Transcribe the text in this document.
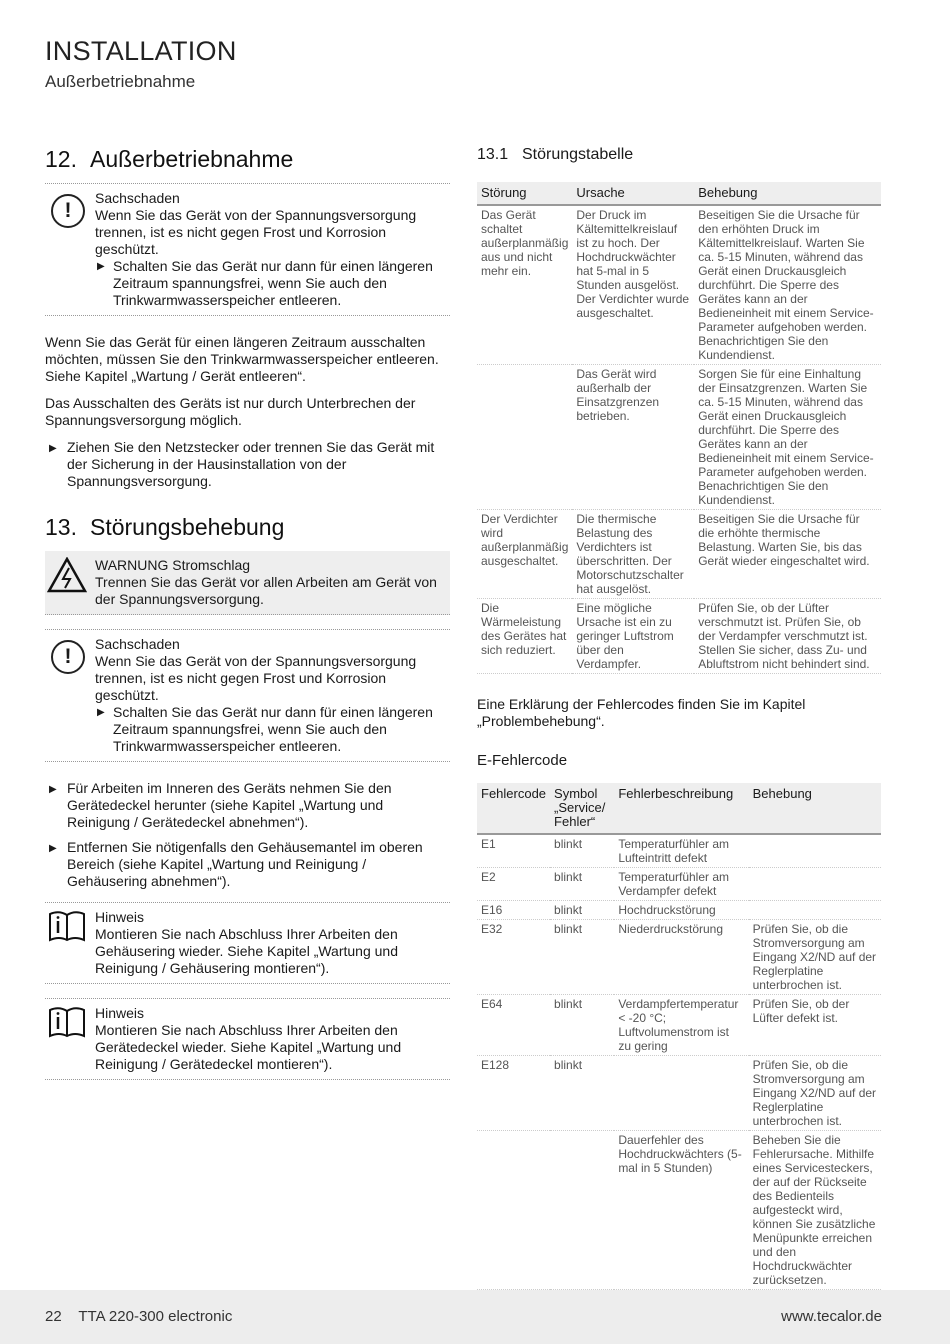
INSTALLATION
Außerbetriebnahme
12. Außerbetriebnahme
!
Sachschaden
Wenn Sie das Gerät von der Spannungsversorgung trennen, ist es nicht gegen Frost und Korrosion geschützt.
▶ Schalten Sie das Gerät nur dann für einen längeren Zeitraum spannungsfrei, wenn Sie auch den Trinkwarmwasserspeicher entleeren.

Wenn Sie das Gerät für einen längeren Zeitraum ausschalten möchten, müssen Sie den Trinkwarmwasserspeicher entleeren. Siehe Kapitel „Wartung / Gerät entleeren“.

Das Ausschalten des Geräts ist nur durch Unterbrechen der Spannungsversorgung möglich.

▶ Ziehen Sie den Netzstecker oder trennen Sie das Gerät mit der Sicherung in der Hausinstallation von der Spannungsversorgung.
13. Störungsbehebung
WARNUNG Stromschlag
Trennen Sie das Gerät vor allen Arbeiten am Gerät von der Spannungsversorgung.
!
Sachschaden
Wenn Sie das Gerät von der Spannungsversorgung trennen, ist es nicht gegen Frost und Korrosion geschützt.
▶ Schalten Sie das Gerät nur dann für einen längeren Zeitraum spannungsfrei, wenn Sie auch den Trinkwarmwasserspeicher entleeren.
▶ Für Arbeiten im Inneren des Geräts nehmen Sie den Gerätedeckel herunter (siehe Kapitel „Wartung und Reinigung / Gerätedeckel abnehmen“).
▶ Entfernen Sie nötigenfalls den Gehäusemantel im oberen Bereich (siehe Kapitel „Wartung und Reinigung / Gehäusering abnehmen“).
Hinweis
Montieren Sie nach Abschluss Ihrer Arbeiten den Gehäusering wieder. Siehe Kapitel „Wartung und Reinigung / Gehäusering montieren“).
Hinweis
Montieren Sie nach Abschluss Ihrer Arbeiten den Gerätedeckel wieder. Siehe Kapitel „Wartung und Reinigung / Gerätedeckel montieren“).
13.1 Störungstabelle
Störung	Ursache	Behebung
Das Gerät schaltet außerplanmäßig aus und nicht mehr ein.	Der Druck im Kältemittelkreislauf ist zu hoch. Der Hochdruckwächter hat 5-mal in 5 Stunden ausgelöst. Der Verdichter wurde ausgeschaltet.	Beseitigen Sie die Ursache für den erhöhten Druck im Kältemittelkreislauf. Warten Sie ca. 5-15 Minuten, während das Gerät einen Druckausgleich durchführt. Die Sperre des Gerätes kann an der Bedieneinheit mit einem Service-Parameter aufgehoben werden. Benachrichtigen Sie den Kundendienst.
	Das Gerät wird außerhalb der Einsatzgrenzen betrieben.	Sorgen Sie für eine Einhaltung der Einsatzgrenzen. Warten Sie ca. 5-15 Minuten, während das Gerät einen Druckausgleich durchführt. Die Sperre des Gerätes kann an der Bedieneinheit mit einem Service-Parameter aufgehoben werden. Benachrichtigen Sie den Kundendienst.
Der Verdichter wird außerplanmäßig ausgeschaltet.	Die thermische Belastung des Verdichters ist überschritten. Der Motorschutzschalter hat ausgelöst.	Beseitigen Sie die Ursache für die erhöhte thermische Belastung. Warten Sie, bis das Gerät wieder eingeschaltet wird.
Die Wärmeleistung des Gerätes hat sich reduziert.	Eine mögliche Ursache ist ein zu geringer Luftstrom über den Verdampfer.	Prüfen Sie, ob der Lüfter verschmutzt ist. Prüfen Sie, ob der Verdampfer verschmutzt ist. Stellen Sie sicher, dass Zu- und Abluftstrom nicht behindert sind.

Eine Erklärung der Fehlercodes finden Sie im Kapitel „Problembehebung“.

E-Fehlercode
Fehlercode	Symbol „Service/ Fehler“	Fehlerbeschreibung	Behebung
E1	blinkt	Temperaturfühler am Lufteintritt defekt	
E2	blinkt	Temperaturfühler am Verdampfer defekt	
E16	blinkt	Hochdruckstörung	
E32	blinkt	Niederdruckstörung	Prüfen Sie, ob die Stromversorgung am Eingang X2/ND auf der Reglerplatine unterbrochen ist.
E64	blinkt	Verdampfertemperatur < -20 °C; Luftvolumenstrom ist zu gering	Prüfen Sie, ob der Lüfter defekt ist.
E128	blinkt		Prüfen Sie, ob die Stromversorgung am Eingang X2/ND auf der Reglerplatine unterbrochen ist.
		Dauerfehler des Hochdruckwächters (5-mal in 5 Stunden)	Beheben Sie die Fehlerursache. Mithilfe eines Servicesteckers, der auf der Rückseite des Bedienteils aufgesteckt wird, können Sie zusätzliche Menüpunkte erreichen und den Hochdruckwächter zurücksetzen.
22 TTA 220-300 electronic	www.tecalor.de
